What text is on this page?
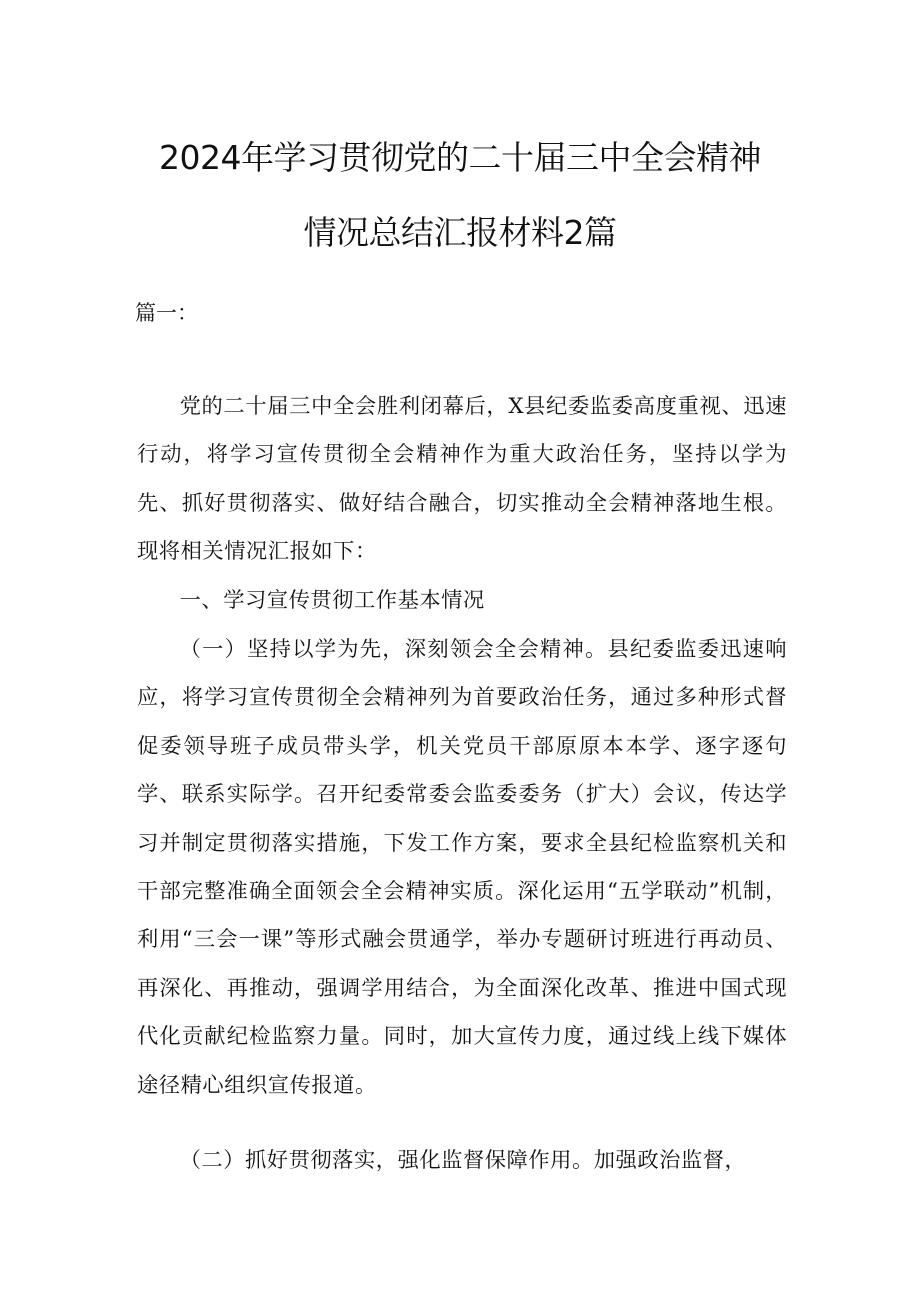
2024年学习贯彻党的二十届三中全会精神
情况总结汇报材料2篇
篇一：

党的二十届三中全会胜利闭幕后，X县纪委监委高度重视、迅速行动，将学习宣传贯彻全会精神作为重大政治任务，坚持以学为先、抓好贯彻落实、做好结合融合，切实推动全会精神落地生根。现将相关情况汇报如下：

一、学习宣传贯彻工作基本情况

（一）坚持以学为先，深刻领会全会精神。县纪委监委迅速响应，将学习宣传贯彻全会精神列为首要政治任务，通过多种形式督促委领导班子成员带头学，机关党员干部原原本本学、逐字逐句学、联系实际学。召开纪委常委会监委委务（扩大）会议，传达学习并制定贯彻落实措施，下发工作方案，要求全县纪检监察机关和干部完整准确全面领会全会精神实质。深化运用“五学联动”机制，利用“三会一课”等形式融会贯通学，举办专题研讨班进行再动员、再深化、再推动，强调学用结合，为全面深化改革、推进中国式现代化贡献纪检监察力量。同时，加大宣传力度，通过线上线下媒体途径精心组织宣传报道。

（二）抓好贯彻落实，强化监督保障作用。加强政治监督，
